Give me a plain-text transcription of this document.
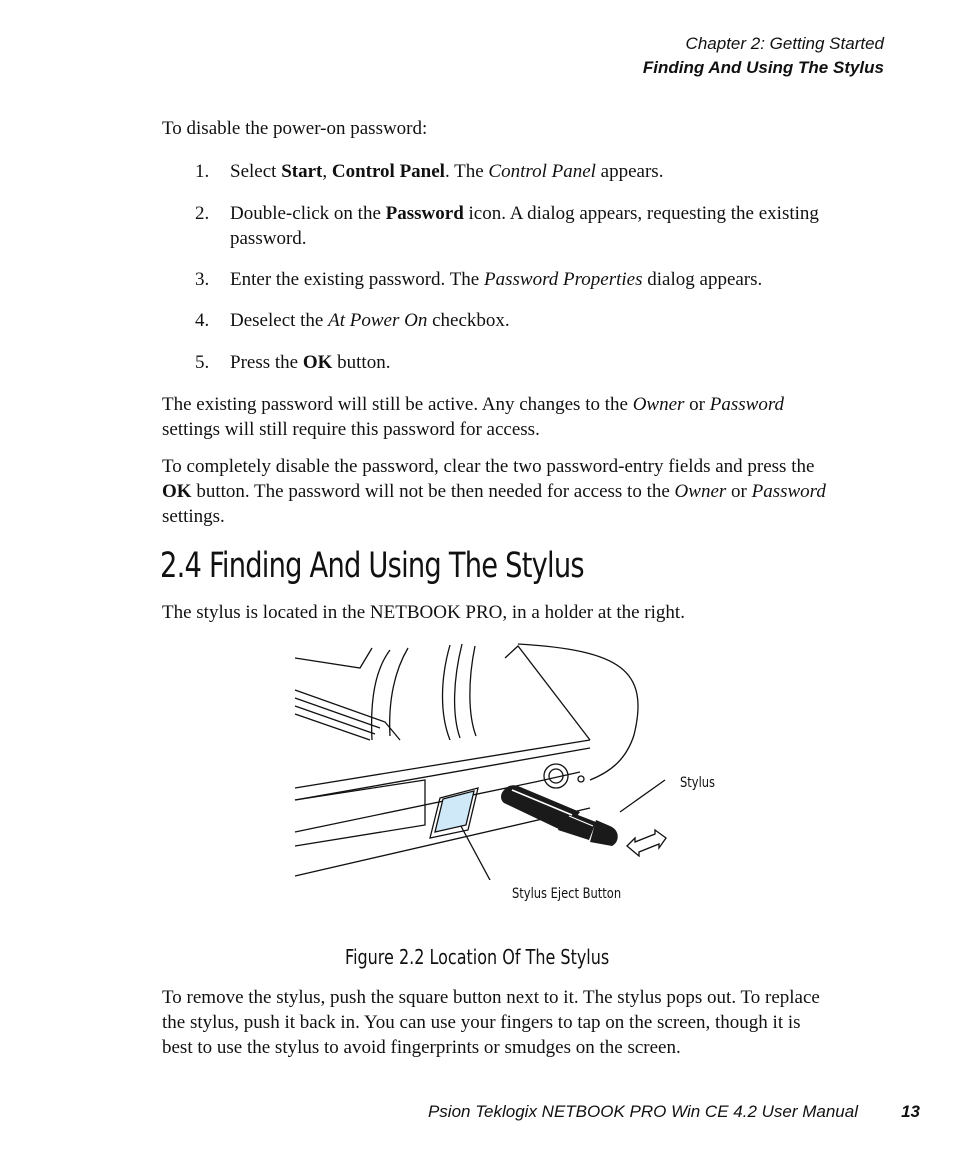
Chapter 2: Getting Started
Finding And Using The Stylus

To disable the power-on password:

1.	Select Start, Control Panel. The Control Panel appears.
2.	Double-click on the Password icon. A dialog appears, requesting the existing password.
3.	Enter the existing password. The Password Properties dialog appears.
4.	Deselect the At Power On checkbox.
5.	Press the OK button.

The existing password will still be active. Any changes to the Owner or Password settings will still require this password for access.

To completely disable the password, clear the two password-entry fields and press the OK button. The password will not be then needed for access to the Owner or Password settings.

2.4 Finding And Using The Stylus

The stylus is located in the NETBOOK PRO, in a holder at the right.

Stylus
Stylus Eject Button
Figure 2.2 Location Of The Stylus

To remove the stylus, push the square button next to it. The stylus pops out. To replace the stylus, push it back in. You can use your fingers to tap on the screen, though it is best to use the stylus to avoid fingerprints or smudges on the screen.

Psion Teklogix NETBOOK PRO Win CE 4.2 User Manual	13
